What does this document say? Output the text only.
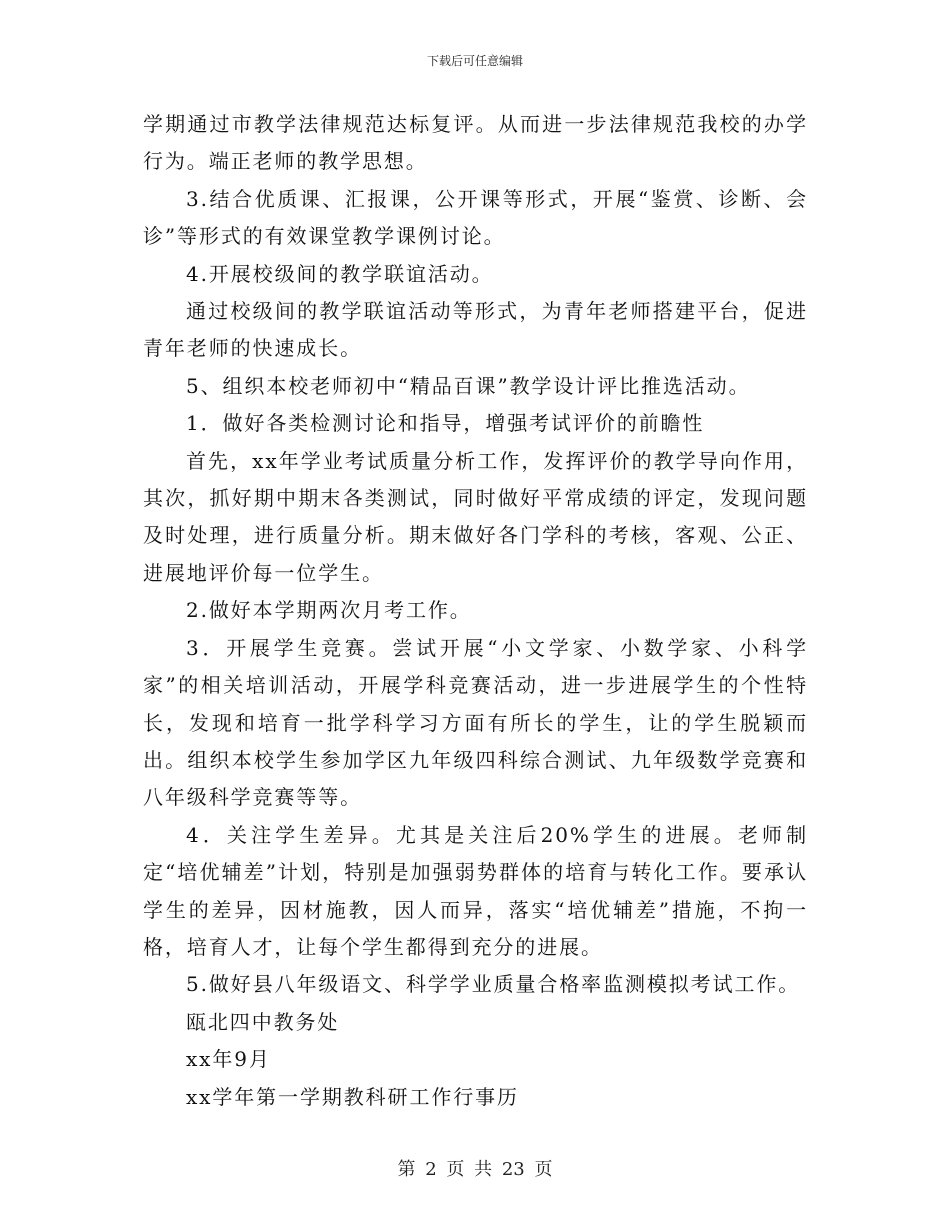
下载后可任意编辑

学期通过市教学法律规范达标复评。从而进一步法律规范我校的办学行为。端正老师的教学思想。

3.结合优质课、汇报课，公开课等形式，开展“鉴赏、诊断、会诊”等形式的有效课堂教学课例讨论。

4.开展校级间的教学联谊活动。

通过校级间的教学联谊活动等形式，为青年老师搭建平台，促进青年老师的快速成长。

5、组织本校老师初中“精品百课”教学设计评比推选活动。

1．做好各类检测讨论和指导，增强考试评价的前瞻性

首先，xx年学业考试质量分析工作，发挥评价的教学导向作用，其次，抓好期中期末各类测试，同时做好平常成绩的评定，发现问题及时处理，进行质量分析。期末做好各门学科的考核，客观、公正、进展地评价每一位学生。

2.做好本学期两次月考工作。

3．开展学生竞赛。尝试开展“小文学家、小数学家、小科学家”的相关培训活动，开展学科竞赛活动，进一步进展学生的个性特长，发现和培育一批学科学习方面有所长的学生，让的学生脱颖而出。组织本校学生参加学区九年级四科综合测试、九年级数学竞赛和八年级科学竞赛等等。

4．关注学生差异。尤其是关注后20%学生的进展。老师制定“培优辅差”计划，特别是加强弱势群体的培育与转化工作。要承认学生的差异，因材施教，因人而异，落实“培优辅差”措施，不拘一格，培育人才，让每个学生都得到充分的进展。

5.做好县八年级语文、科学学业质量合格率监测模拟考试工作。

瓯北四中教务处

xx年9月

xx学年第一学期教科研工作行事历

第 2 页 共 23 页
